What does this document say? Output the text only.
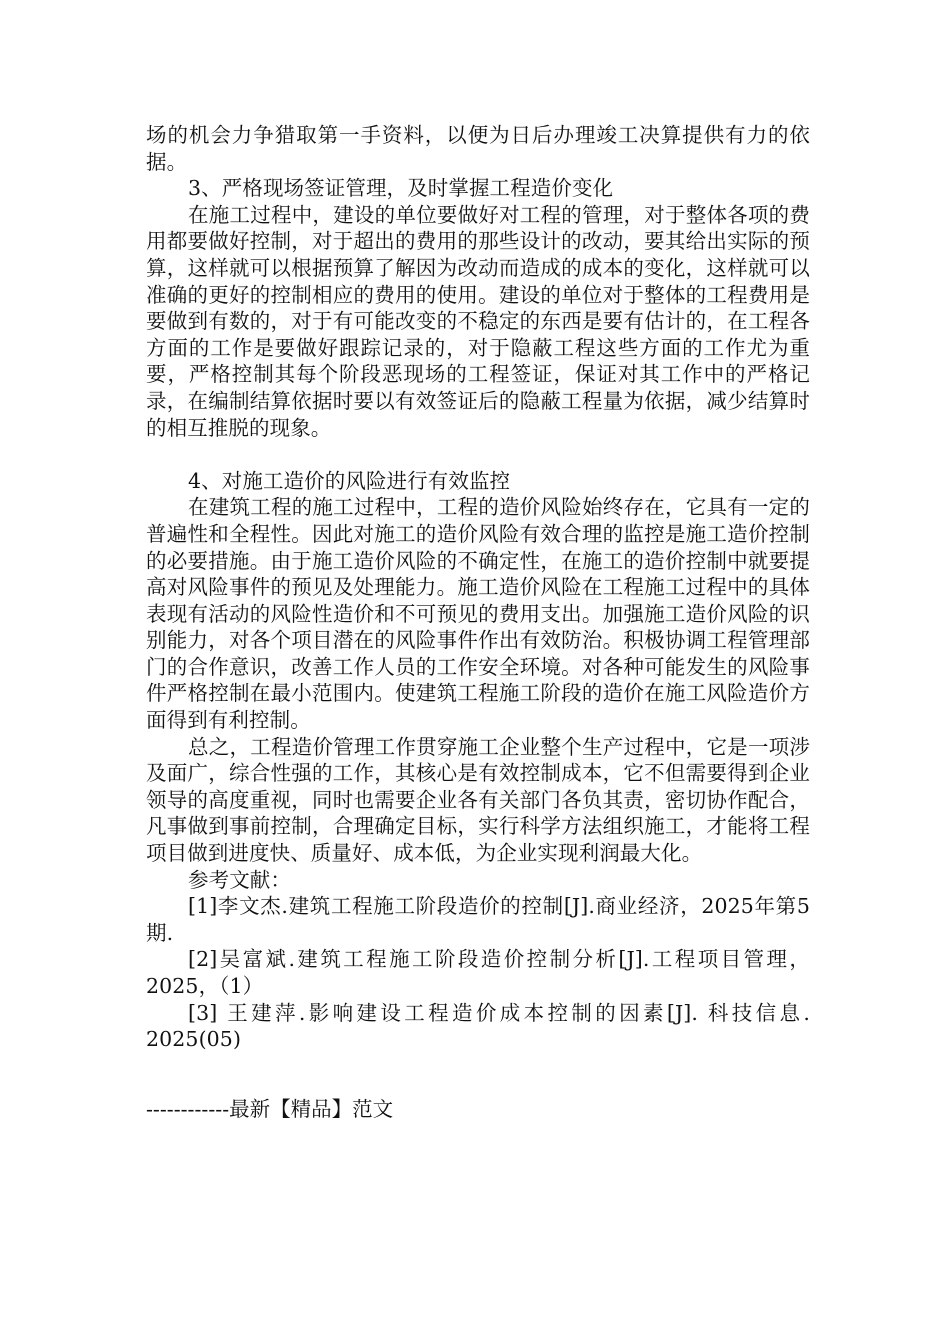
场的机会力争猎取第一手资料，以便为日后办理竣工决算提供有力的依据。

3、严格现场签证管理，及时掌握工程造价变化

在施工过程中，建设的单位要做好对工程的管理，对于整体各项的费用都要做好控制，对于超出的费用的那些设计的改动，要其给出实际的预算，这样就可以根据预算了解因为改动而造成的成本的变化，这样就可以准确的更好的控制相应的费用的使用。建设的单位对于整体的工程费用是要做到有数的，对于有可能改变的不稳定的东西是要有估计的，在工程各方面的工作是要做好跟踪记录的，对于隐蔽工程这些方面的工作尤为重要，严格控制其每个阶段恶现场的工程签证，保证对其工作中的严格记录，在编制结算依据时要以有效签证后的隐蔽工程量为依据，减少结算时的相互推脱的现象。

4、对施工造价的风险进行有效监控

在建筑工程的施工过程中，工程的造价风险始终存在，它具有一定的普遍性和全程性。因此对施工的造价风险有效合理的监控是施工造价控制的必要措施。由于施工造价风险的不确定性，在施工的造价控制中就要提高对风险事件的预见及处理能力。施工造价风险在工程施工过程中的具体表现有活动的风险性造价和不可预见的费用支出。加强施工造价风险的识别能力，对各个项目潜在的风险事件作出有效防治。积极协调工程管理部门的合作意识，改善工作人员的工作安全环境。对各种可能发生的风险事件严格控制在最小范围内。使建筑工程施工阶段的造价在施工风险造价方面得到有利控制。

总之，工程造价管理工作贯穿施工企业整个生产过程中，它是一项涉及面广，综合性强的工作，其核心是有效控制成本，它不但需要得到企业领导的高度重视，同时也需要企业各有关部门各负其责，密切协作配合，凡事做到事前控制，合理确定目标，实行科学方法组织施工，才能将工程项目做到进度快、质量好、成本低，为企业实现利润最大化。

参考文献：

[1]李文杰.建筑工程施工阶段造价的控制[J].商业经济，2025年第5 期.

[2]吴富斌.建筑工程施工阶段造价控制分析[J].工程项目管理，2025，（1）

[3] 王建萍.影响建设工程造价成本控制的因素[J]. 科技信息. 2025(05)

------------最新【精品】范文
